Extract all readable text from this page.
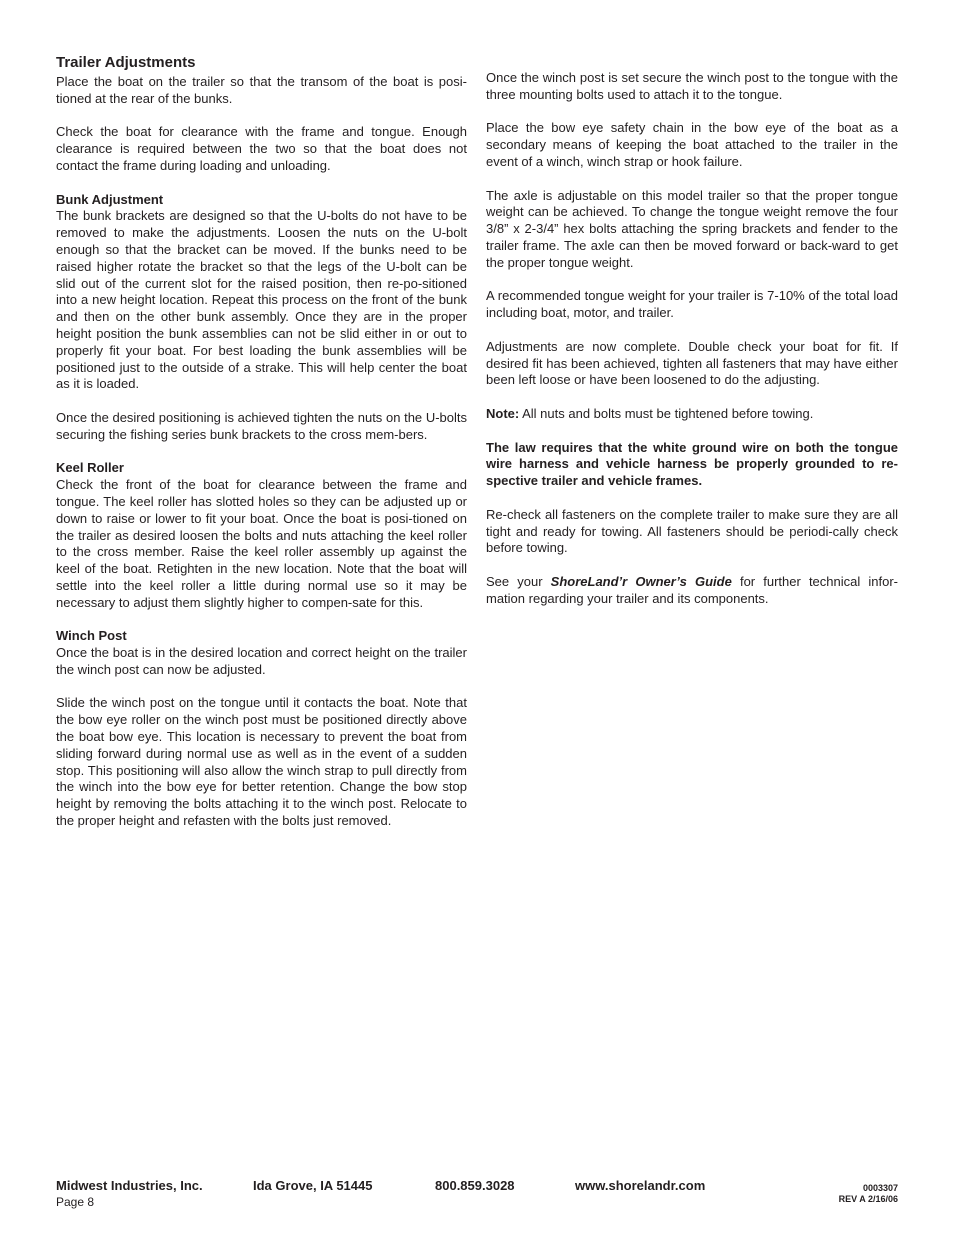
Trailer Adjustments

Place the boat on the trailer so that the transom of the boat is posi-tioned at the rear of the bunks.

Check the boat for clearance with the frame and tongue. Enough clearance is required between the two so that the boat does not contact the frame during loading and unloading.

Bunk Adjustment

The bunk brackets are designed so that the U-bolts do not have to be removed to make the adjustments. Loosen the nuts on the U-bolt enough so that the bracket can be moved. If the bunks need to be raised higher rotate the bracket so that the legs of the U-bolt can be slid out of the current slot for the raised position, then re-po-sitioned into a new height location. Repeat this process on the front of the bunk and then on the other bunk assembly. Once they are in the proper height position the bunk assemblies can not be slid either in or out to properly fit your boat. For best loading the bunk assemblies will be positioned just to the outside of a strake. This will help center the boat as it is loaded.

Once the desired positioning is achieved tighten the nuts on the U-bolts securing the fishing series bunk brackets to the cross mem-bers.

Keel Roller

Check the front of the boat for clearance between the frame and tongue. The keel roller has slotted holes so they can be adjusted up or down to raise or lower to fit your boat. Once the boat is posi-tioned on the trailer as desired loosen the bolts and nuts attaching the keel roller to the cross member. Raise the keel roller assembly up against the keel of the boat. Retighten in the new location. Note that the boat will settle into the keel roller a little during normal use so it may be necessary to adjust them slightly higher to compen-sate for this.

Winch Post

Once the boat is in the desired location and correct height on the trailer the winch post can now be adjusted.

Slide the winch post on the tongue until it contacts the boat. Note that the bow eye roller on the winch post must be positioned directly above the boat bow eye. This location is necessary to prevent the boat from sliding forward during normal use as well as in the event of a sudden stop. This positioning will also allow the winch strap to pull directly from the winch into the bow eye for better retention. Change the bow stop height by removing the bolts attaching it to the winch post. Relocate to the proper height and refasten with the bolts just removed.

Once the winch post is set secure the winch post to the tongue with the three mounting bolts used to attach it to the tongue.

Place the bow eye safety chain in the bow eye of the boat as a secondary means of keeping the boat attached to the trailer in the event of a winch, winch strap or hook failure.

The axle is adjustable on this model trailer so that the proper tongue weight can be achieved. To change the tongue weight remove the four 3/8” x 2-3/4” hex bolts attaching the spring brackets and fender to the trailer frame. The axle can then be moved forward or back-ward to get the proper tongue weight.

A recommended tongue weight for your trailer is 7-10% of the total load including boat, motor, and trailer.

Adjustments are now complete. Double check your boat for fit. If desired fit has been achieved, tighten all fasteners that may have either been left loose or have been loosened to do the adjusting.

Note: All nuts and bolts must be tightened before towing.

The law requires that the white ground wire on both the tongue wire harness and vehicle harness be properly grounded to re-spective trailer and vehicle frames.

Re-check all fasteners on the complete trailer to make sure they are all tight and ready for towing. All fasteners should be periodi-cally check before towing.

See your ShoreLand’r Owner’s Guide for further technical infor-mation regarding your trailer and its components.

Midwest Industries, Inc.	Ida Grove, IA 51445	800.859.3028	www.shorelandr.com
Page 8
0003307
REV A 2/16/06
